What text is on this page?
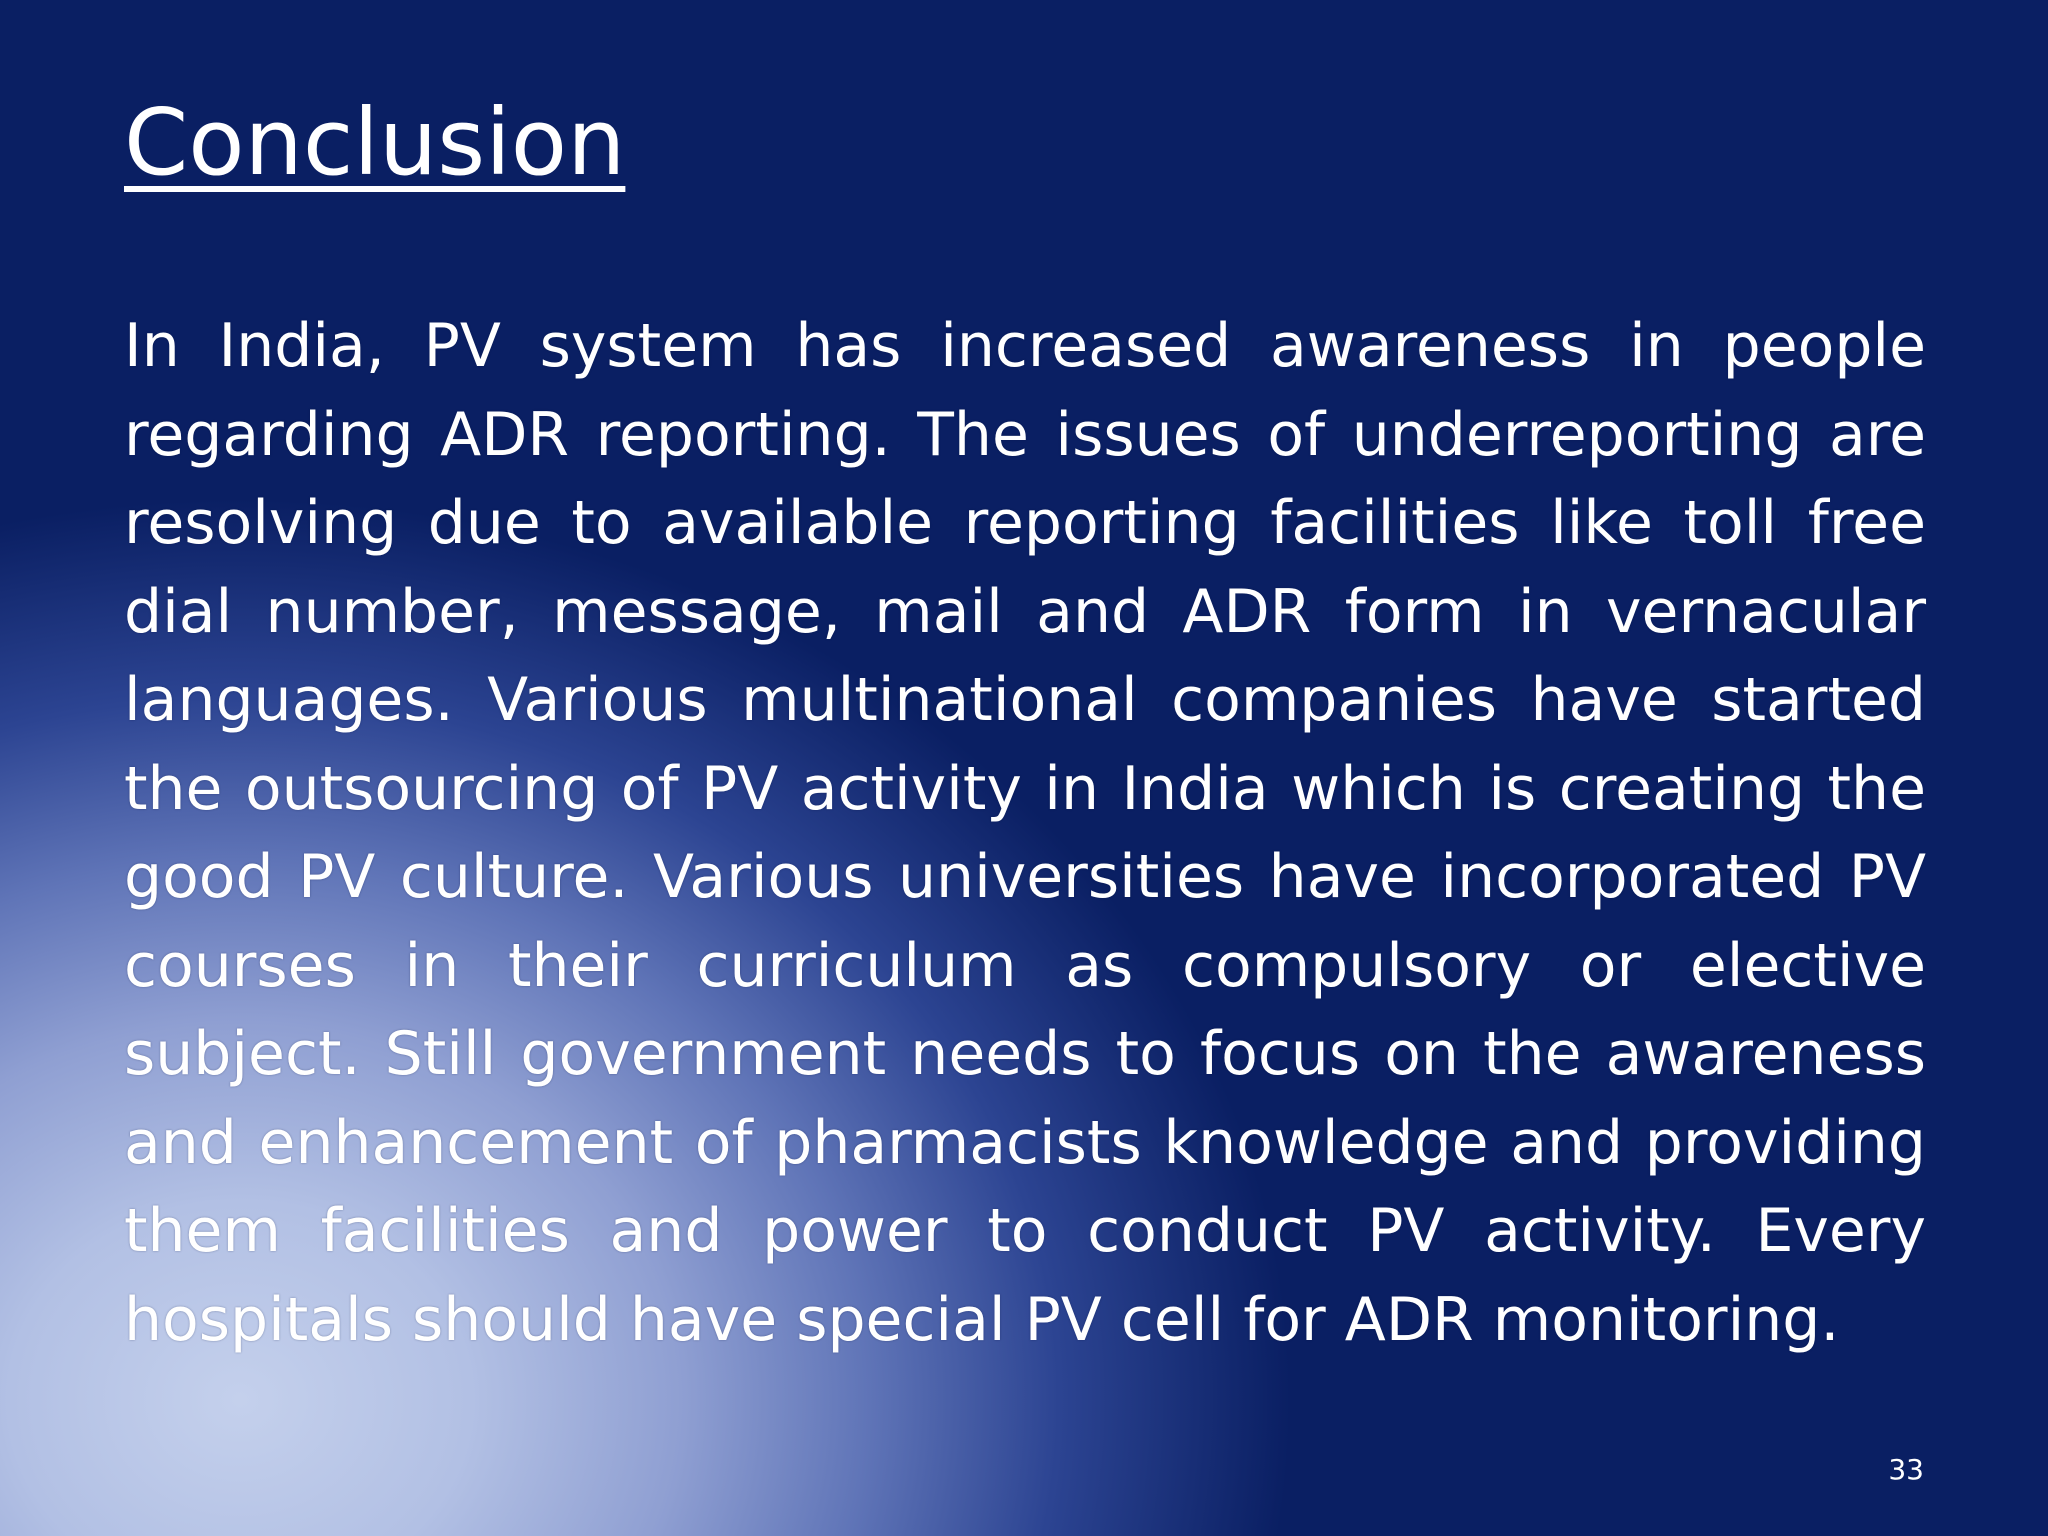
Conclusion

In India, PV system has increased awareness in people regarding ADR reporting. The issues of underreporting are resolving due to available reporting facilities like toll free dial number, message, mail and ADR form in vernacular languages. Various multinational companies have started the outsourcing of PV activity in India which is creating the good PV culture. Various universities have incorporated PV courses in their curriculum as compulsory or elective subject. Still government needs to focus on the awareness and enhancement of pharmacists knowledge and providing them facilities and power to conduct PV activity. Every hospitals should have special PV cell for ADR monitoring.

33
